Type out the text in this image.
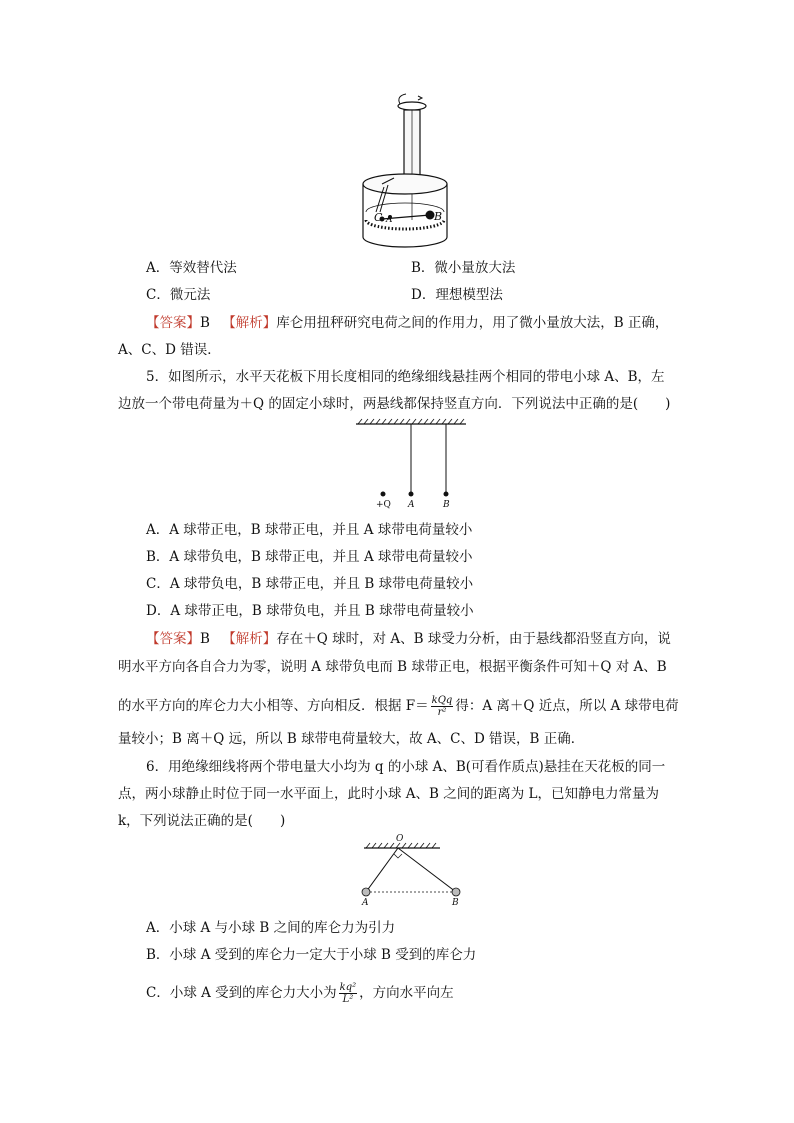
C A	B
A．等效替代法	B．微小量放大法
C．微元法	D．理想模型法
【答案】B 【解析】库仑用扭秤研究电荷之间的作用力，用了微小量放大法，B 正确，
A、C、D 错误．
5．如图所示，水平天花板下用长度相同的绝缘细线悬挂两个相同的带电小球 A、B，左
边放一个带电荷量为＋Q 的固定小球时，两悬线都保持竖直方向．下列说法中正确的是(　　)
+Q A	B
A．A 球带正电，B 球带正电，并且 A 球带电荷量较小
B．A 球带负电，B 球带正电，并且 A 球带电荷量较小
C．A 球带负电，B 球带正电，并且 B 球带电荷量较小
D．A 球带正电，B 球带负电，并且 B 球带电荷量较小
【答案】B 【解析】存在＋Q 球时，对 A、B 球受力分析，由于悬线都沿竖直方向，说
明水平方向各自合力为零，说明 A 球带负电而 B 球带正电，根据平衡条件可知＋Q 对 A、B
的水平方向的库仑力大小相等、方向相反．根据 $F= \frac{\text{kQq}}{\text{r²}}$ 得：A 离＋Q 近点，所以 A 球带电荷
量较小；B 离＋Q 远，所以 B 球带电荷量较大，故 A、C、D 错误，B 正确．
6．用绝缘细线将两个带电量大小均为 q 的小球 A、B(可看作质点)悬挂在天花板的同一
点，两小球静止时位于同一水平面上，此时小球 A、B 之间的距离为 L，已知静电力常量为
k，下列说法正确的是(　　)
O
A	B
A．小球 A 与小球 B 之间的库仑力为引力
B．小球 A 受到的库仑力一定大于小球 B 受到的库仑力
C．小球 A 受到的库仑力大小为 $\frac{\text{kq²}}{\text{L²}}$ ，方向水平向左
